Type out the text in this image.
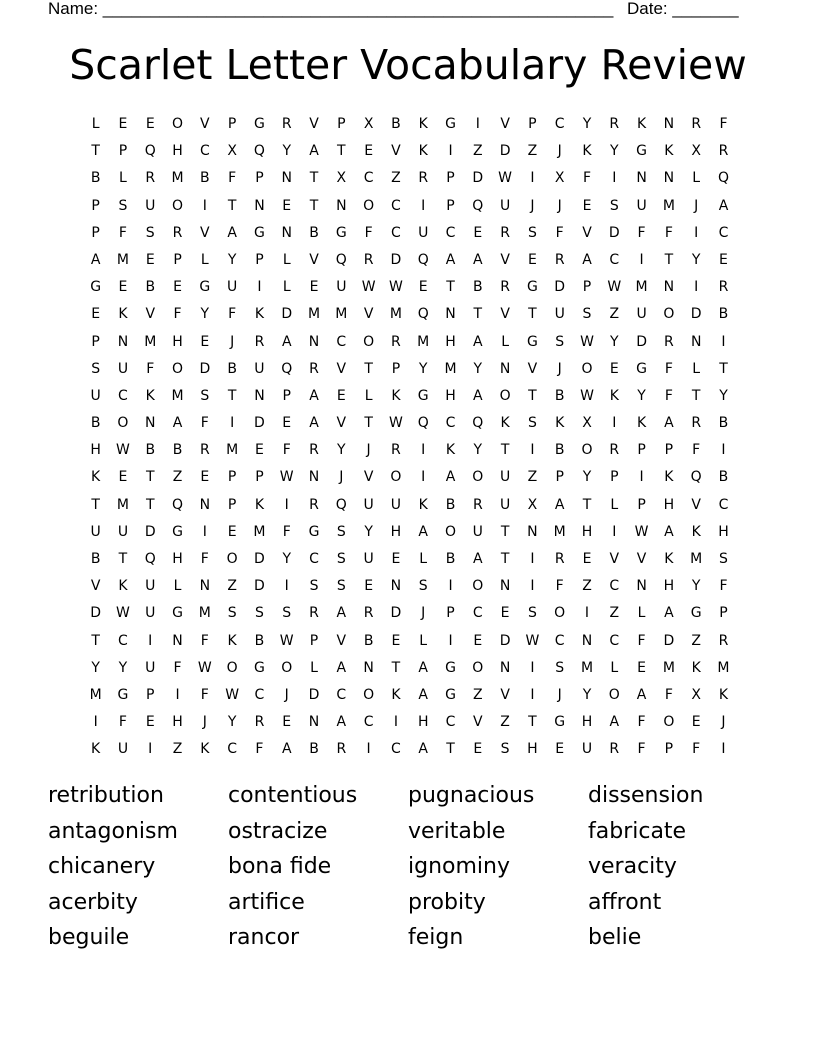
Name: ______________________________________________________ Date: _______
Scarlet Letter Vocabulary Review
L	E	E	O	V	P	G	R	V	P	X	B	K	G	I	V	P	C	Y	R	K	N	R	F
T	P	Q	H	C	X	Q	Y	A	T	E	V	K	I	Z	D	Z	J	K	Y	G	K	X	R
B	L	R	M	B	F	P	N	T	X	C	Z	R	P	D	W	I	X	F	I	N	N	L	Q
P	S	U	O	I	T	N	E	T	N	O	C	I	P	Q	U	J	J	E	S	U	M	J	A
P	F	S	R	V	A	G	N	B	G	F	C	U	C	E	R	S	F	V	D	F	F	I	C
A	M	E	P	L	Y	P	L	V	Q	R	D	Q	A	A	V	E	R	A	C	I	T	Y	E
G	E	B	E	G	U	I	L	E	U	W W	E	T	B	R	G	D	P	W	M	N	I	R
E	K	V	F	Y	F	K	D	M	M	V	M	Q	N	T	V	T	U	S	Z	U	O	D	B
P	N	M	H	E	J	R	A	N	C	O	R	M	H	A	L	G	S	W	Y	D	R	N	I
S	U	F	O	D	B	U	Q	R	V	T	P	Y	M	Y	N	V	J	O	E	G	F	L	T
U	C	K	M	S	T	N	P	A	E	L	K	G	H	A	O	T	B	W	K	Y	F	T	Y
B	O	N	A	F	I	D	E	A	V	T	W	Q	C	Q	K	S	K	X	I	K	A	R	B
H	W	B	B	R	M	E	F	R	Y	J	R	I	K	Y	T	I	B	O	R	P	P	F	I
K	E	T	Z	E	P	P	W	N	J	V	O	I	A	O	U	Z	P	Y	P	I	K	Q	B
T	M	T	Q	N	P	K	I	R	Q	U	U	K	B	R	U	X	A	T	L	P	H	V	C
U	U	D	G	I	E	M	F	G	S	Y	H	A	O	U	T	N	M	H	I	W	A	K	H
B	T	Q	H	F	O	D	Y	C	S	U	E	L	B	A	T	I	R	E	V	V	K	M	S
V	K	U	L	N	Z	D	I	S	S	E	N	S	I	O	N	I	F	Z	C	N	H	Y	F
D	W	U	G	M	S	S	S	R	A	R	D	J	P	C	E	S	O	I	Z	L	A	G	P
T	C	I	N	F	K	B	W	P	V	B	E	L	I	E	D	W	C	N	C	F	D	Z	R
Y	Y	U	F	W	O	G	O	L	A	N	T	A	G	O	N	I	S	M	L	E	M	K	M
M	G	P	I	F	W	C	J	D	C	O	K	A	G	Z	V	I	J	Y	O	A	F	X	K
I	F	E	H	J	Y	R	E	N	A	C	I	H	C	V	Z	T	G	H	A	F	O	E	J
K	U	I	Z	K	C	F	A	B	R	I	C	A	T	E	S	H	E	U	R	F	P	F	I
retribution	contentious	pugnacious	dissension
antagonism	ostracize	veritable	fabricate
chicanery	bona fide	ignominy	veracity
acerbity	artifice	probity	affront
beguile	rancor	feign	belie
